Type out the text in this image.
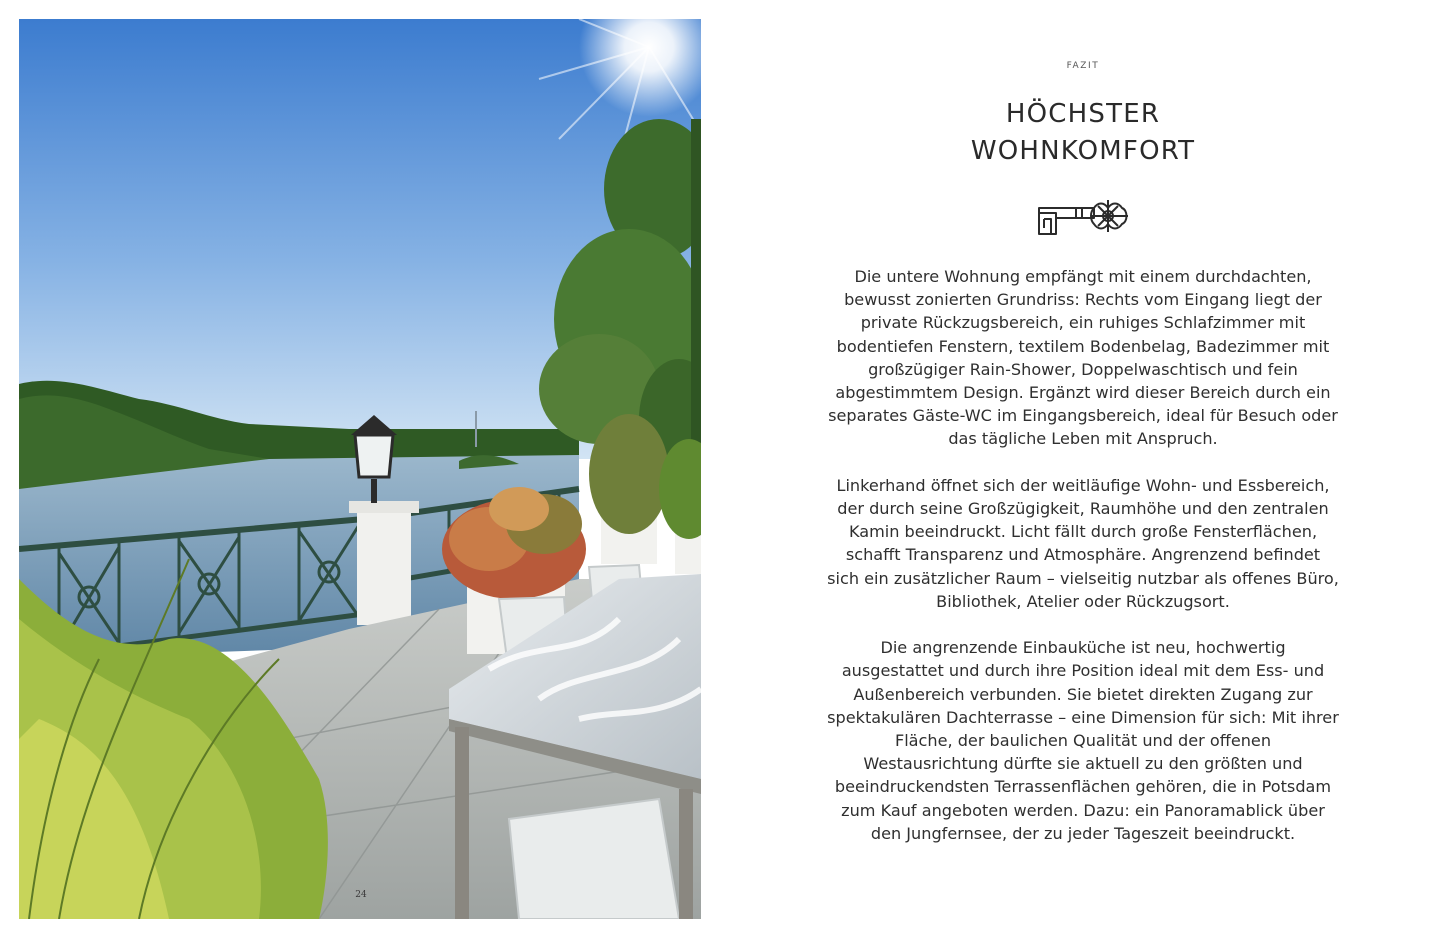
24
FAZIT
HÖCHSTER
WOHNKOMFORT

Die untere Wohnung empfängt mit einem durchdachten,
bewusst zonierten Grundriss: Rechts vom Eingang liegt der
private Rückzugsbereich, ein ruhiges Schlafzimmer mit
bodentiefen Fenstern, textilem Bodenbelag, Badezimmer mit
großzügiger Rain-Shower, Doppelwaschtisch und fein
abgestimmtem Design. Ergänzt wird dieser Bereich durch ein
separates Gäste-WC im Eingangsbereich, ideal für Besuch oder
das tägliche Leben mit Anspruch.

Linkerhand öffnet sich der weitläufige Wohn- und Essbereich,
der durch seine Großzügigkeit, Raumhöhe und den zentralen
Kamin beeindruckt. Licht fällt durch große Fensterflächen,
schafft Transparenz und Atmosphäre. Angrenzend befindet
sich ein zusätzlicher Raum – vielseitig nutzbar als offenes Büro,
Bibliothek, Atelier oder Rückzugsort.

Die angrenzende Einbauküche ist neu, hochwertig
ausgestattet und durch ihre Position ideal mit dem Ess- und
Außenbereich verbunden. Sie bietet direkten Zugang zur
spektakulären Dachterrasse – eine Dimension für sich: Mit ihrer
Fläche, der baulichen Qualität und der offenen
Westausrichtung dürfte sie aktuell zu den größten und
beeindruckendsten Terrassenflächen gehören, die in Potsdam
zum Kauf angeboten werden. Dazu: ein Panoramablick über
den Jungfernsee, der zu jeder Tageszeit beeindruckt.
